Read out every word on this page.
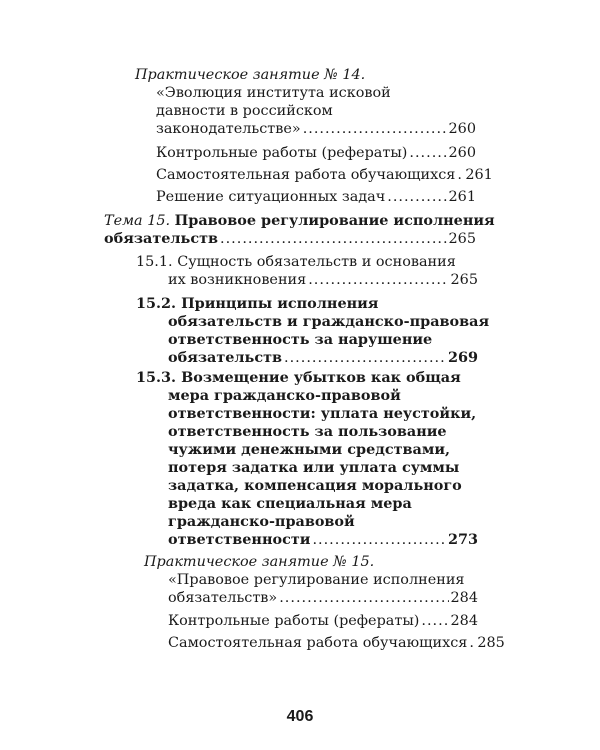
Практическое занятие № 14.
«Эволюция института исковой
давности в российском
законодательстве» .....	260
Контрольные работы (рефераты) .....	260
Самостоятельная работа обучающихся ..... 261
Решение ситуационных задач .....	261
Тема 15. Правовое регулирование исполнения
обязательств .....	265
15.1. Сущность обязательств и основания
их возникновения .....	265
15.2. Принципы исполнения
обязательств и гражданско-правовая
ответственность за нарушение
обязательств .....	269
15.3. Возмещение убытков как общая
мера гражданско-правовой
ответственности: уплата неустойки,
ответственность за пользование
чужими денежными средствами,
потеря задатка или уплата суммы
задатка, компенсация морального
вреда как специальная мера
гражданско-правовой
ответственности .....	273
Практическое занятие № 15.
«Правовое регулирование исполнения
обязательств» .....	284
Контрольные работы (рефераты) ..... 284
Самостоятельная работа обучающихся ..... 285
406
